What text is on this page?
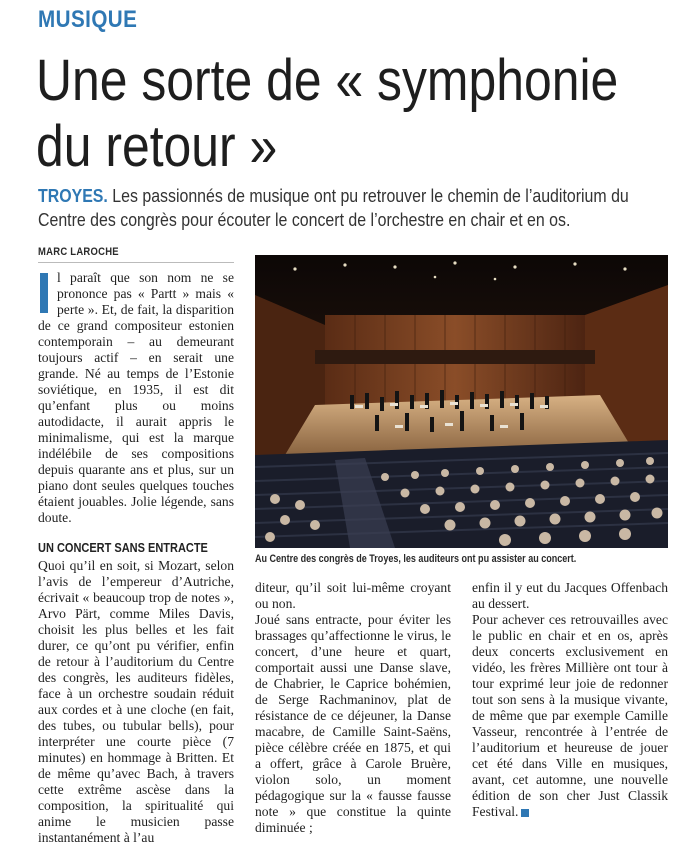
MUSIQUE
Une sorte de « symphonie
du retour »
TROYES. Les passionnés de musique ont pu retrouver le chemin de l’auditorium du Centre des congrès pour écouter le concert de l’orchestre en chair et en os.
MARC LAROCHE

l paraît que son nom ne se prononce pas « Partt » mais « perte ». Et, de fait, la disparition de ce grand compositeur estonien contemporain – au demeurant toujours actif – en serait une grande. Né au temps de l’Estonie soviétique, en 1935, il est dit qu’enfant plus ou moins autodidacte, il aurait appris le minimalisme, qui est la marque indélébile de ses compositions depuis quarante ans et plus, sur un piano dont seules quelques touches étaient jouables. Jolie légende, sans doute.

UN CONCERT SANS ENTRACTE

Quoi qu’il en soit, si Mozart, selon l’avis de l’empereur d’Autriche, écrivait « beaucoup trop de notes », Arvo Pärt, comme Miles Davis, choisit les plus belles et les fait durer, ce qu’ont pu vérifier, enfin de retour à l’auditorium du Centre des congrès, les auditeurs fidèles, face à un orchestre soudain réduit aux cordes et à une cloche (en fait, des tubes, ou tubular bells), pour interpréter une courte pièce (7 minutes) en hommage à Britten. Et de même qu’avec Bach, à travers cette extrême ascèse dans la composition, la spiritualité qui anime le musicien passe instantanément à l’au

Au Centre des congrès de Troyes, les auditeurs ont pu assister au concert.

diteur, qu’il soit lui-même croyant ou non.

Joué sans entracte, pour éviter les brassages qu’affectionne le virus, le concert, d’une heure et quart, comportait aussi une Danse slave, de Chabrier, le Caprice bohémien, de Serge Rachmaninov, plat de résistance de ce déjeuner, la Danse macabre, de Camille Saint-Saëns, pièce célèbre créée en 1875, et qui a offert, grâce à Carole Bruère, violon solo, un moment pédagogique sur la « fausse fausse note » que constitue la quinte diminuée ;

enfin il y eut du Jacques Offenbach au dessert.

Pour achever ces retrouvailles avec le public en chair et en os, après deux concerts exclusivement en vidéo, les frères Millière ont tour à tour exprimé leur joie de redonner tout son sens à la musique vivante, de même que par exemple Camille Vasseur, rencontrée à l’entrée de l’auditorium et heureuse de jouer cet été dans Ville en musiques, avant, cet automne, une nouvelle édition de son cher Just Classik Festival.
